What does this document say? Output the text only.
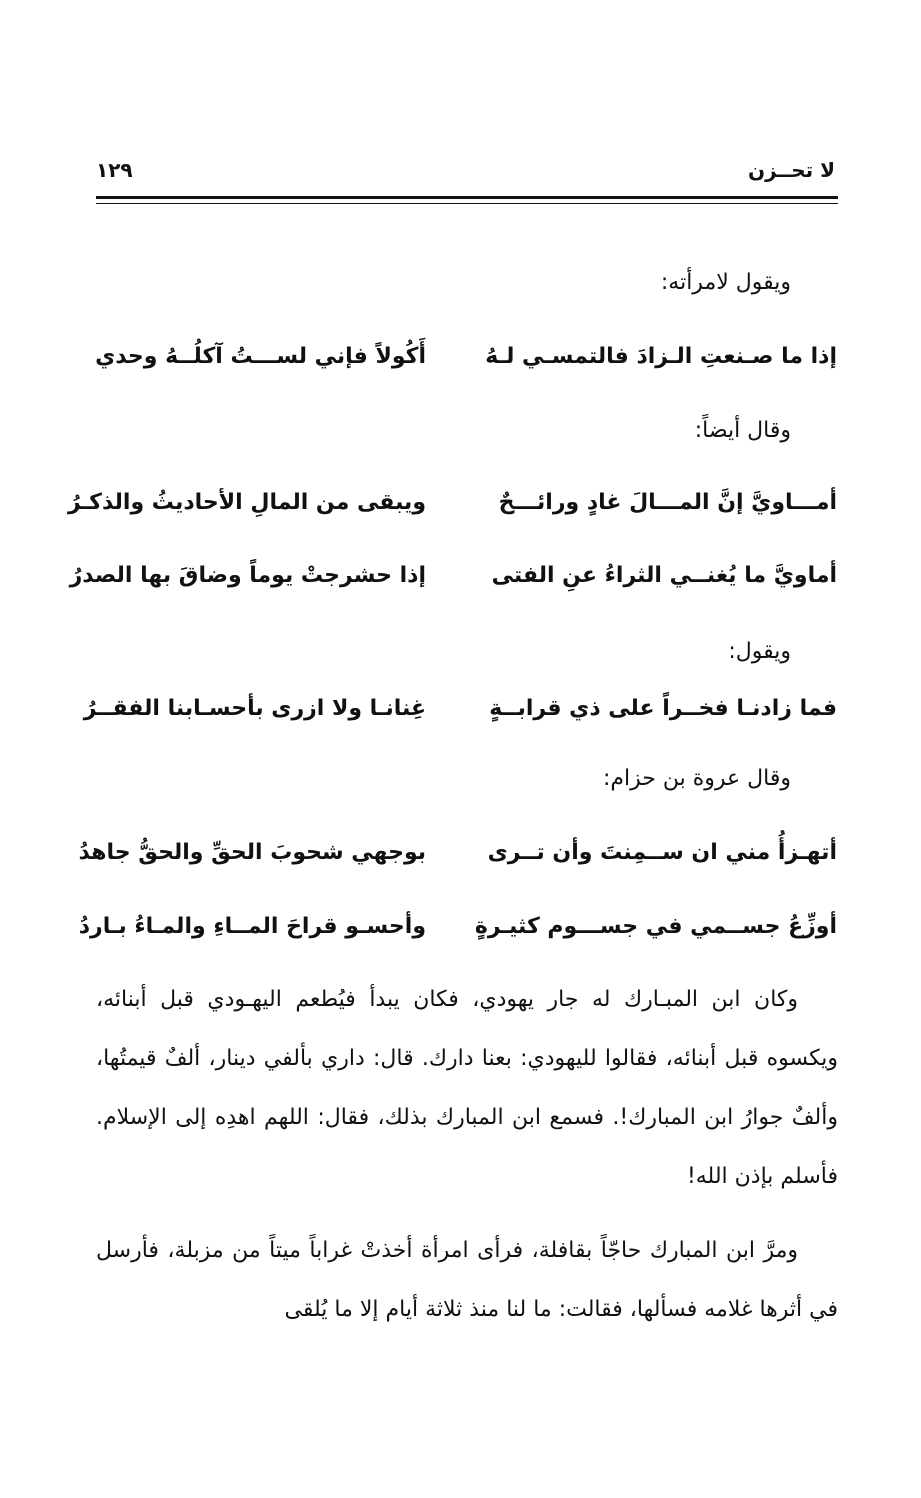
لا تحــزن
١٢٩
ويقول لامرأته:
إذا ما صـنعتِ الـزادَ فالتمسـي لـهُ
أَكُولاً فإني لســـتُ آكلُــهُ وحدي
وقال أيضاً:
أمـــاويَّ إنَّ المـــالَ غادٍ ورائـــحٌ
ويبقى من المالِ الأحاديثُ والذكـرُ
أماويَّ ما يُغنــي الثراءُ عنِ الفتى
إذا حشرجتْ يوماً وضاقَ بها الصدرُ
ويقول:
فما زادنـا فخــراً على ذي قرابــةٍ
غِنانـا ولا ازرى بأحسـابنا الفقــرُ
وقال عروة بن حزام:
أتهـزأُ مني ان ســمِنتَ وأن تــرى
بوجهي شحوبَ الحقِّ والحقُّ جاهدُ
أوزِّعُ جســمي في جســـوم كثيـرةٍ
وأحسـو قراحَ المــاءِ والمـاءُ بـاردُ

وكان ابن المبـارك له جار يهودي، فكان يبدأ فيُطعم اليهـودي قبل أبنائه، ويكسوه قبل أبنائه، فقالوا لليهودي: بعنا دارك. قال: داري بألفي دينار، ألفٌ قيمتُها، وألفٌ جوارُ ابن المبارك!. فسمع ابن المبارك بذلك، فقال: اللهم اهدِه إلى الإسلام. فأسلم بإذن الله!

ومرَّ ابن المبارك حاجّاً بقافلة، فرأى امرأة أخذتْ غراباً ميتاً من مزبلة، فأرسل في أثرها غلامه فسألها، فقالت: ما لنا منذ ثلاثة أيام إلا ما يُلقى
